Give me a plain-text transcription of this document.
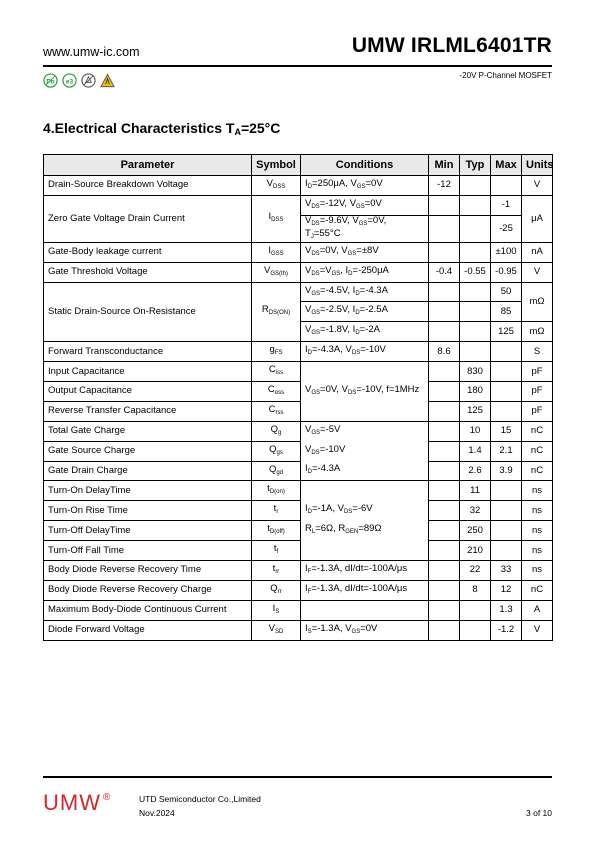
www.umw-ic.com	UMW IRLML6401TR
-20V P-Channel MOSFET
Pb e3
4.Electrical Characteristics $T_A=25^\circ C$
Parameter	Symbol	Conditions	Min	Typ	Max	Units
Drain-Source Breakdown Voltage	$V_{DSS}$	$I_D=250\mu A$, $V_{GS}=0V$	-12			V
Zero Gate Voltage Drain Current	$I_{DSS}$	$V_{DS}=-12V$, $V_{GS}=0V$			-1	μA
		$V_{DS}=-9.6V$, $V_{GS}=0V$, $T_J=55^\circ C$			-25	
Gate-Body leakage current	$I_{GSS}$	$V_{DS}=0V$, $V_{GS}=\pm 8V$			±100	nA
Gate Threshold Voltage	$V_{GS(th)}$	$V_{DS}=V_{GS}$, $I_D=-250\mu A$	-0.4	-0.55	-0.95	V
Static Drain-Source On-Resistance	$R_{DS(ON)}$	$V_{GS}=-4.5V$, $I_D=-4.3A$			50	mΩ
		$V_{GS}=-2.5V$, $I_D=-2.5A$			85	
		$V_{GS}=-1.8V$, $I_D=-2A$			125	mΩ
Forward Transconductance	$g_{FS}$	$I_D=-4.3A$, $V_{DS}=-10V$	8.6			S
Input Capacitance	$C_{iss}$	$V_{GS}=0V$, $V_{DS}=-10V$, f=1MHz		830		pF
Output Capacitance	$C_{oss}$			180		pF
Reverse Transfer Capacitance	$C_{rss}$			125		pF
Total Gate Charge	$Q_g$	$V_{GS}=-5V$		10	15	nC
Gate Source Charge	$Q_{gs}$	$V_{DS}=-10V$		1.4	2.1	nC
Gate Drain Charge	$Q_{gd}$	$I_D=-4.3A$		2.6	3.9	nC
Turn-On DelayTime	$t_{D(on)}$			11		ns
Turn-On Rise Time	$t_r$	$I_D=-1A$, $V_{DS}=-6V$		32		ns
Turn-Off DelayTime	$t_{D(off)}$	$R_L=6\Omega$, $R_{GEN}=89\Omega$		250		ns
Turn-Off Fall Time	$t_f$			210		ns
Body Diode Reverse Recovery Time	$t_{rr}$	$I_F=-1.3A$, dI/dt=-100A/μs		22	33	ns
Body Diode Reverse Recovery Charge	$Q_{rr}$	$I_F=-1.3A$, dI/dt=-100A/μs		8	12	nC
Maximum Body-Diode Continuous Current	$I_S$				1.3	A
Diode Forward Voltage	$V_{SD}$	$I_S=-1.3A$, $V_{GS}=0V$			-1.2	V
UMW ®	UTD Semiconductor Co.,Limited
Nov.2024	3 of 10
